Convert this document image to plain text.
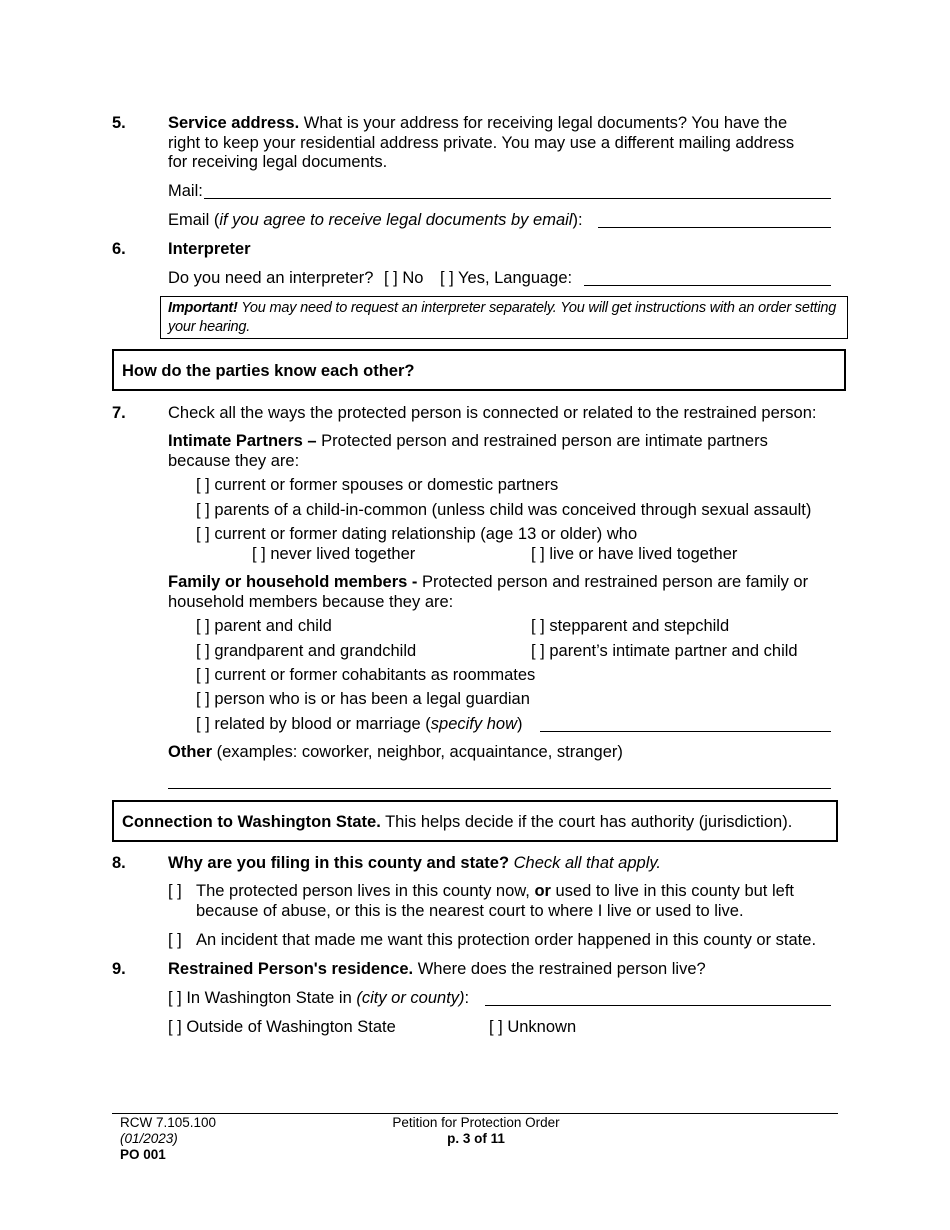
5.	Service address. What is your address for receiving legal documents? You have the
right to keep your residential address private. You may use a different mailing address
for receiving legal documents.
Mail:
Email (if you agree to receive legal documents by email):
6.	Interpreter
Do you need an interpreter? [ ] No [ ] Yes, Language:
Important! You may need to request an interpreter separately. You will get instructions with an order setting
your hearing.
How do the parties know each other?
7.	Check all the ways the protected person is connected or related to the restrained person:
Intimate Partners – Protected person and restrained person are intimate partners
because they are:
[ ] current or former spouses or domestic partners
[ ] parents of a child-in-common (unless child was conceived through sexual assault)
[ ] current or former dating relationship (age 13 or older) who
[ ] never lived together	[ ] live or have lived together
Family or household members - Protected person and restrained person are family or
household members because they are:
[ ] parent and child	[ ] stepparent and stepchild
[ ] grandparent and grandchild	[ ] parent’s intimate partner and child
[ ] current or former cohabitants as roommates
[ ] person who is or has been a legal guardian
[ ] related by blood or marriage (specify how)
Other (examples: coworker, neighbor, acquaintance, stranger)
Connection to Washington State. This helps decide if the court has authority (jurisdiction).
8.	Why are you filing in this county and state? Check all that apply.
[ ] The protected person lives in this county now, or used to live in this county but left
because of abuse, or this is the nearest court to where I live or used to live.
[ ] An incident that made me want this protection order happened in this county or state.
9.	Restrained Person's residence. Where does the restrained person live?
[ ] In Washington State in (city or county):
[ ] Outside of Washington State	[ ] Unknown
RCW 7.105.100
(01/2023)
PO 001
Petition for Protection Order
p. 3 of 11
